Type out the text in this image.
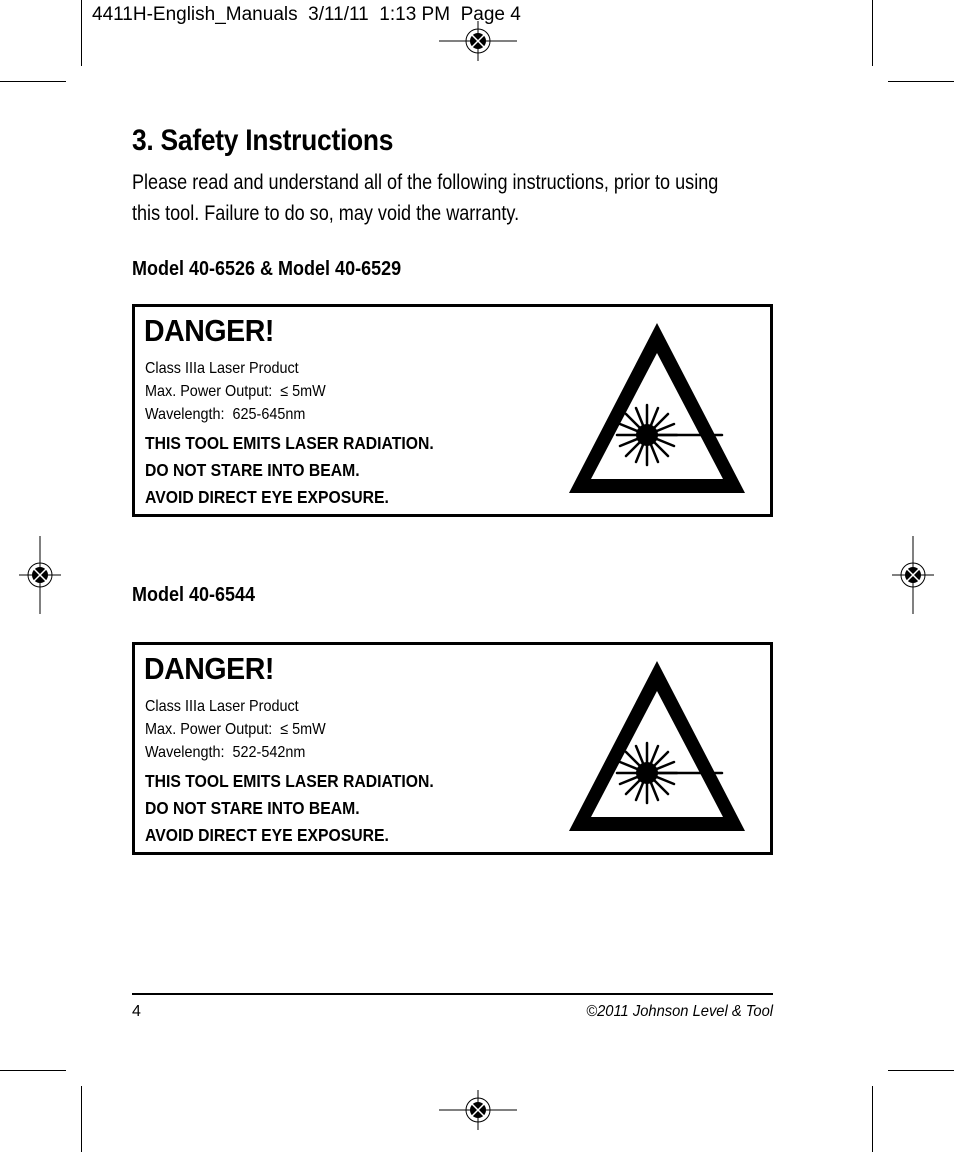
4411H-English_Manuals  3/11/11  1:13 PM  Page 4
3. Safety Instructions

Please read and understand all of the following instructions, prior to using this tool. Failure to do so, may void the warranty.

Model 40-6526 & Model 40-6529
DANGER!
Class IIIa Laser Product
Max. Power Output:  ≤ 5mW
Wavelength:  625-645nm
THIS TOOL EMITS LASER RADIATION.
DO NOT STARE INTO BEAM.
AVOID DIRECT EYE EXPOSURE.
Model 40-6544
DANGER!
Class IIIa Laser Product
Max. Power Output:  ≤ 5mW
Wavelength:  522-542nm
THIS TOOL EMITS LASER RADIATION.
DO NOT STARE INTO BEAM.
AVOID DIRECT EYE EXPOSURE.
4	©2011 Johnson Level & Tool
